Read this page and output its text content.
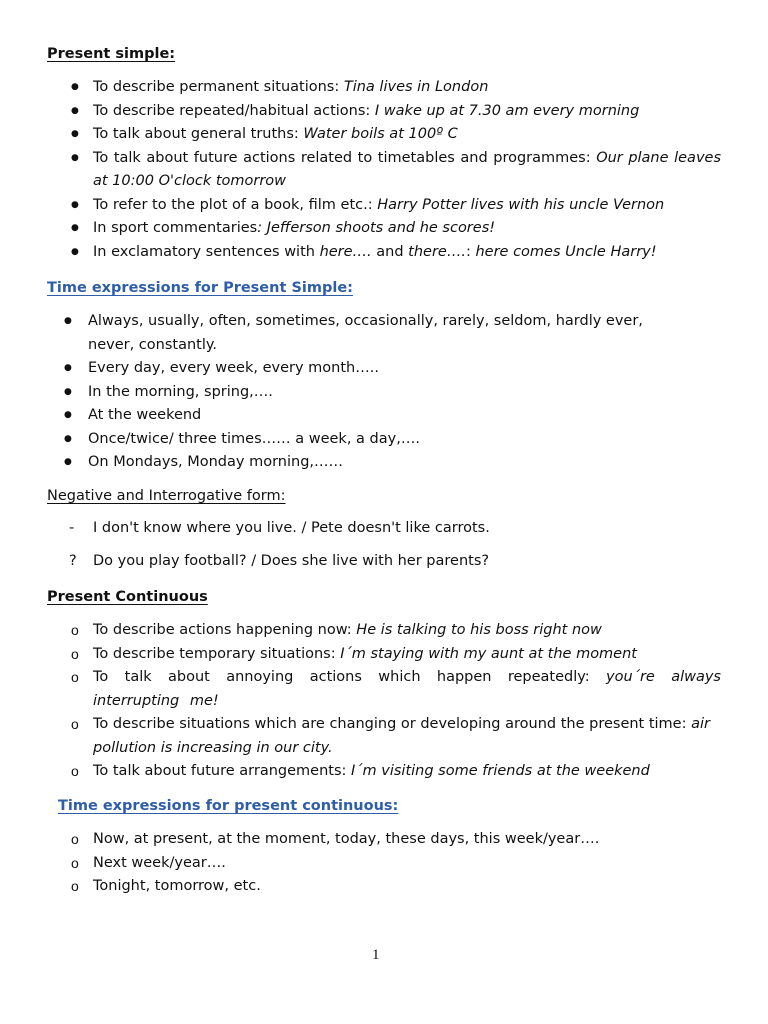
Present simple:
●
To describe permanent situations: Tina lives in London
●
To describe repeated/habitual actions: I wake up at 7.30 am every morning
●
To talk about general truths: Water boils at 100º C
●
To talk about future actions related to timetables and programmes: Our plane leaves at 10:00 O'clock tomorrow
●
To refer to the plot of a book, film etc.: Harry Potter lives with his uncle Vernon
●
In sport commentaries: Jefferson shoots and he scores!
●
In exclamatory sentences with here…. and there….: here comes Uncle Harry!
Time expressions for Present Simple:
●
Always, usually, often, sometimes, occasionally, rarely, seldom, hardly ever, never, constantly.
●
Every day, every week, every month…..
●
In the morning, spring,….
●
At the weekend
●
Once/twice/ three times…… a week, a day,….
●
On Mondays, Monday morning,……
Negative and Interrogative form:
- I don't know where you live. / Pete doesn't like carrots.
? Do you play football? / Does she live with her parents?
Present Continuous
o
To describe actions happening now: He is talking to his boss right now
o
To describe temporary situations: I´m staying with my aunt at the moment
o
To talk about annoying actions which happen repeatedly: you´re always interrupting me!
o
To describe situations which are changing or developing around the present time: air pollution is increasing in our city.
o
To talk about future arrangements: I´m visiting some friends at the weekend
Time expressions for present continuous:
o
Now, at present, at the moment, today, these days, this week/year….
o
Next week/year….
o
Tonight, tomorrow, etc.
1
